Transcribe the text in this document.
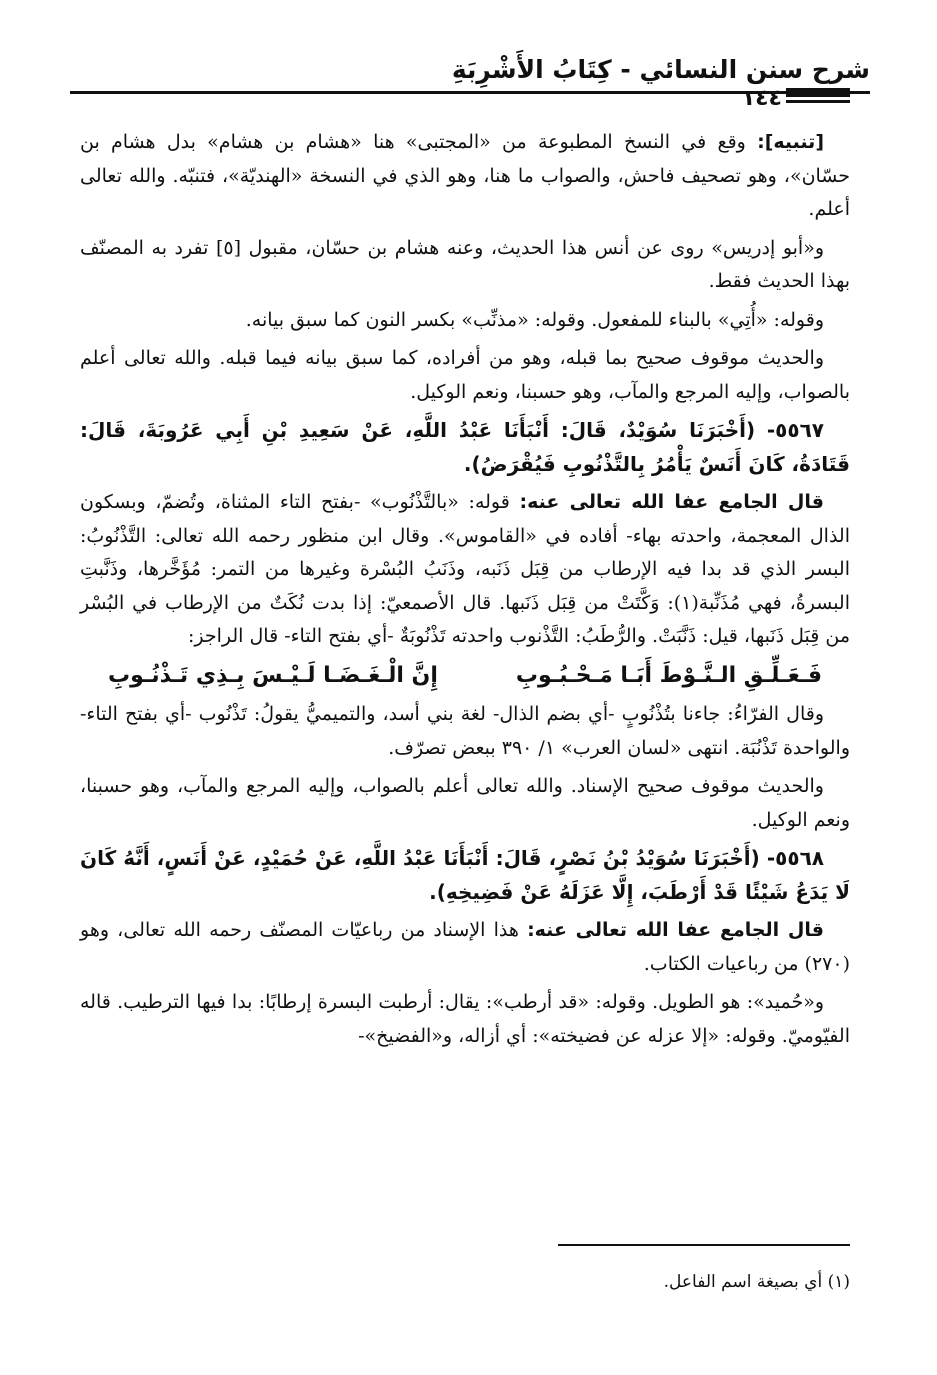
شرح سنن النسائي - كِتَابُ الأَشْرِبَةِ
١٤٤

[تنبيه]: وقع في النسخ المطبوعة من «المجتبى» هنا «هشام بن هشام» بدل هشام بن حسّان»، وهو تصحيف فاحش، والصواب ما هنا، وهو الذي في النسخة «الهنديّة»، فتنبّه. والله تعالى أعلم.

و«أبو إدريس» روى عن أنس هذا الحديث، وعنه هشام بن حسّان، مقبول [٥] تفرد به المصنّف بهذا الحديث فقط.

وقوله: «أُتِي» بالبناء للمفعول. وقوله: «مذنِّب» بكسر النون كما سبق بيانه.

والحديث موقوف صحيح بما قبله، وهو من أفراده، كما سبق بيانه فيما قبله. والله تعالى أعلم بالصواب، وإليه المرجع والمآب، وهو حسبنا، ونعم الوكيل.

٥٥٦٧- (أَخْبَرَنَا سُوَيْدٌ، قَالَ: أَنْبَأَنَا عَبْدُ اللَّهِ، عَنْ سَعِيدِ بْنِ أَبِي عَرُوبَةَ، قَالَ: قَتَادَةُ، كَانَ أَنَسٌ يَأْمُرُ بِالتَّذْنُوبِ فَيُقْرَضُ).

قال الجامع عفا الله تعالى عنه: قوله: «بالتَّذْنُوب» -بفتح التاء المثناة، وتُضمّ، وبسكون الذال المعجمة، واحدته بهاء- أفاده في «القاموس». وقال ابن منظور رحمه الله تعالى: التَّذْنُوبُ: البسر الذي قد بدا فيه الإرطاب من قِبَل ذَنَبه، وذَنَبُ البُسْرة وغيرها من التمر: مُؤَخَّرها، وذَنَّبتِ البسرةُ، فهي مُذَنِّبة(١): وَكَّتَتْ من قِبَل ذَنَبها. قال الأصمعيّ: إذا بدت نُكَتٌ من الإرطاب في البُسْر من قِبَل ذَنَبها، قيل: ذَنَّبَتْ. والرُّطَبُ: التَّذْنوب واحدته تَذْنُوبَةٌ -أي بفتح التاء- قال الراجز:

فَـعَـلِّـقِ الـنَّـوْطَ أَبَـا مَـحْـبُـوبِ
إِنَّ الْـغَـضَـا لَـيْـسَ بِـذِي تَـذْنُـوبِ

وقال الفرّاءُ: جاءنا بتُذْنُوبٍ -أي بضم الذال- لغة بني أسد، والتميميُّ يقولُ: تَذْنُوب -أي بفتح التاء- والواحدة تَذْنُبَة. انتهى «لسان العرب» ١/ ٣٩٠ ببعض تصرّف.

والحديث موقوف صحيح الإسناد. والله تعالى أعلم بالصواب، وإليه المرجع والمآب، وهو حسبنا، ونعم الوكيل.

٥٥٦٨- (أَخْبَرَنَا سُوَيْدُ بْنُ نَصْرٍ، قَالَ: أَنْبَأَنَا عَبْدُ اللَّهِ، عَنْ حُمَيْدٍ، عَنْ أَنَسٍ، أَنَّهُ كَانَ لَا يَدَعُ شَيْئًا قَدْ أَرْطَبَ، إِلَّا عَزَلَهُ عَنْ فَضِيخِهِ).

قال الجامع عفا الله تعالى عنه: هذا الإسناد من رباعيّات المصنّف رحمه الله تعالى، وهو (٢٧٠) من رباعيات الكتاب.

و«حُميد»: هو الطويل. وقوله: «قد أرطب»: يقال: أرطبت البسرة إرطابًا: بدا فيها الترطيب. قاله الفيّوميّ. وقوله: «إلا عزله عن فضيخته»: أي أزاله، و«الفضيخ»-

(١) أي بصيغة اسم الفاعل.
